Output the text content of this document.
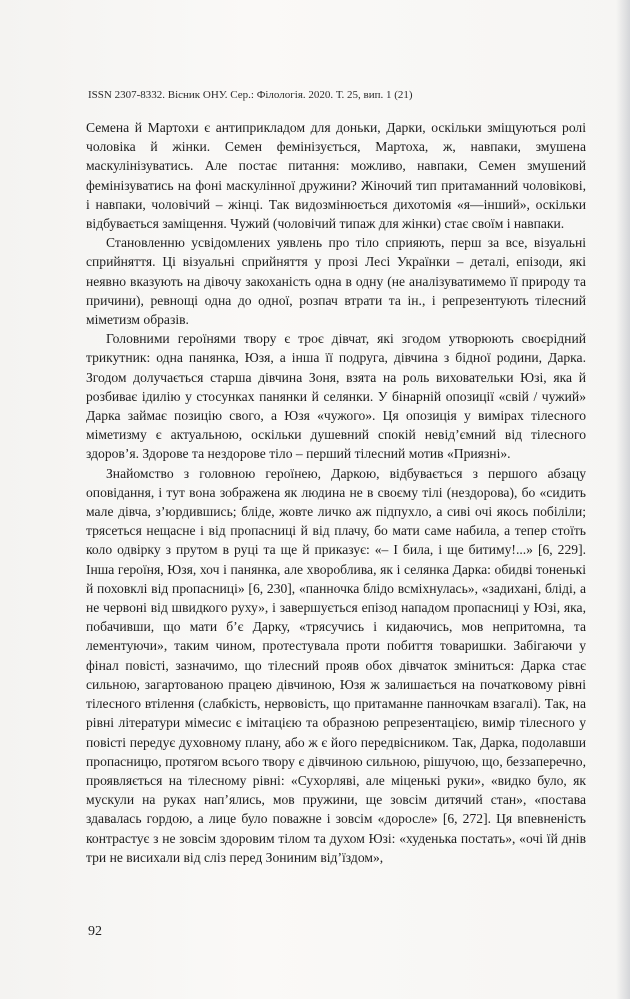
ISSN 2307-8332. Вісник ОНУ. Сер.: Філологія. 2020. Т. 25, вип. 1 (21)

Семена й Мартохи є антиприкладом для доньки, Дарки, оскільки зміщуються ролі чоловіка й жінки. Семен фемінізується, Мартоха, ж, навпаки, змушена маскулінізуватись. Але постає питання: можливо, навпаки, Семен змушений фемінізуватись на фоні маскулінної дружини? Жіночий тип притаманний чоловікові, і навпаки, чоловічий – жінці. Так видозмінюється дихотомія «я—інший», оскільки відбувається заміщення. Чужий (чоловічий типаж для жінки) стає своїм і навпаки.

Становленню усвідомлених уявлень про тіло сприяють, перш за все, візуальні сприйняття. Ці візуальні сприйняття у прозі Лесі Українки – деталі, епізоди, які неявно вказують на дівочу закоханість одна в одну (не аналізуватимемо її природу та причини), ревнощі одна до одної, розпач втрати та ін., і репрезентують тілесний міметизм образів.

Головними героїнями твору є троє дівчат, які згодом утворюють своєрідний трикутник: одна панянка, Юзя, а інша її подруга, дівчина з бідної родини, Дарка. Згодом долучається старша дівчина Зоня, взята на роль виховательки Юзі, яка й розбиває ідилію у стосунках панянки й селянки. У бінарній опозиції «свій / чужий» Дарка займає позицію свого, а Юзя «чужого». Ця опозиція у вимірах тілесного міметизму є актуальною, оскільки душевний спокій невід’ємний від тілесного здоров’я. Здорове та нездорове тіло – перший тілесний мотив «Приязні».

Знайомство з головною героїнею, Даркою, відбувається з першого абзацу оповідання, і тут вона зображена як людина не в своєму тілі (нездорова), бо «сидить мале дівча, з’юрдившись; бліде, жовте личко аж підпухло, а сиві очі якось побіліли; трясеться нещасне і від пропасниці й від плачу, бо мати саме набила, а тепер стоїть коло одвірку з прутом в руці та ще й приказує: «– І била, і ще битиму!...» [6, 229]. Інша героїня, Юзя, хоч і панянка, але хвороблива, як і селянка Дарка: обидві тоненькі й поховклі від пропасниці» [6, 230], «панночка блідо всміхнулась», «задихані, бліді, а не червоні від швидкого руху», і завершується епізод нападом пропасниці у Юзі, яка, побачивши, що мати б’є Дарку, «трясучись і кидаючись, мов непритомна, та лементуючи», таким чином, протестувала проти побиття товаришки. Забігаючи у фінал повісті, зазначимо, що тілесний прояв обох дівчаток зміниться: Дарка стає сильною, загартованою працею дівчиною, Юзя ж залишається на початковому рівні тілесного втілення (слабкість, нервовість, що притаманне панночкам взагалі). Так, на рівні літератури мімесис є імітацією та образною репрезентацією, вимір тілесного у повісті передує духовному плану, або ж є його передвісником. Так, Дарка, подолавши пропасницю, протягом всього твору є дівчиною сильною, рішучою, що, беззаперечно, проявляється на тілесному рівні: «Сухорлявi, але міценькі руки», «видко було, як мускули на руках нап’ялись, мов пружини, ще зовсім дитячий стан», «постава здавалась гордою, а лице було поважне і зовсім «доросле» [6, 272]. Ця впевненість контрастує з не зовсім здоровим тілом та духом Юзі: «худенька постать», «очі їй днів три не висихали від сліз перед Зониним від’їздом»,

92
